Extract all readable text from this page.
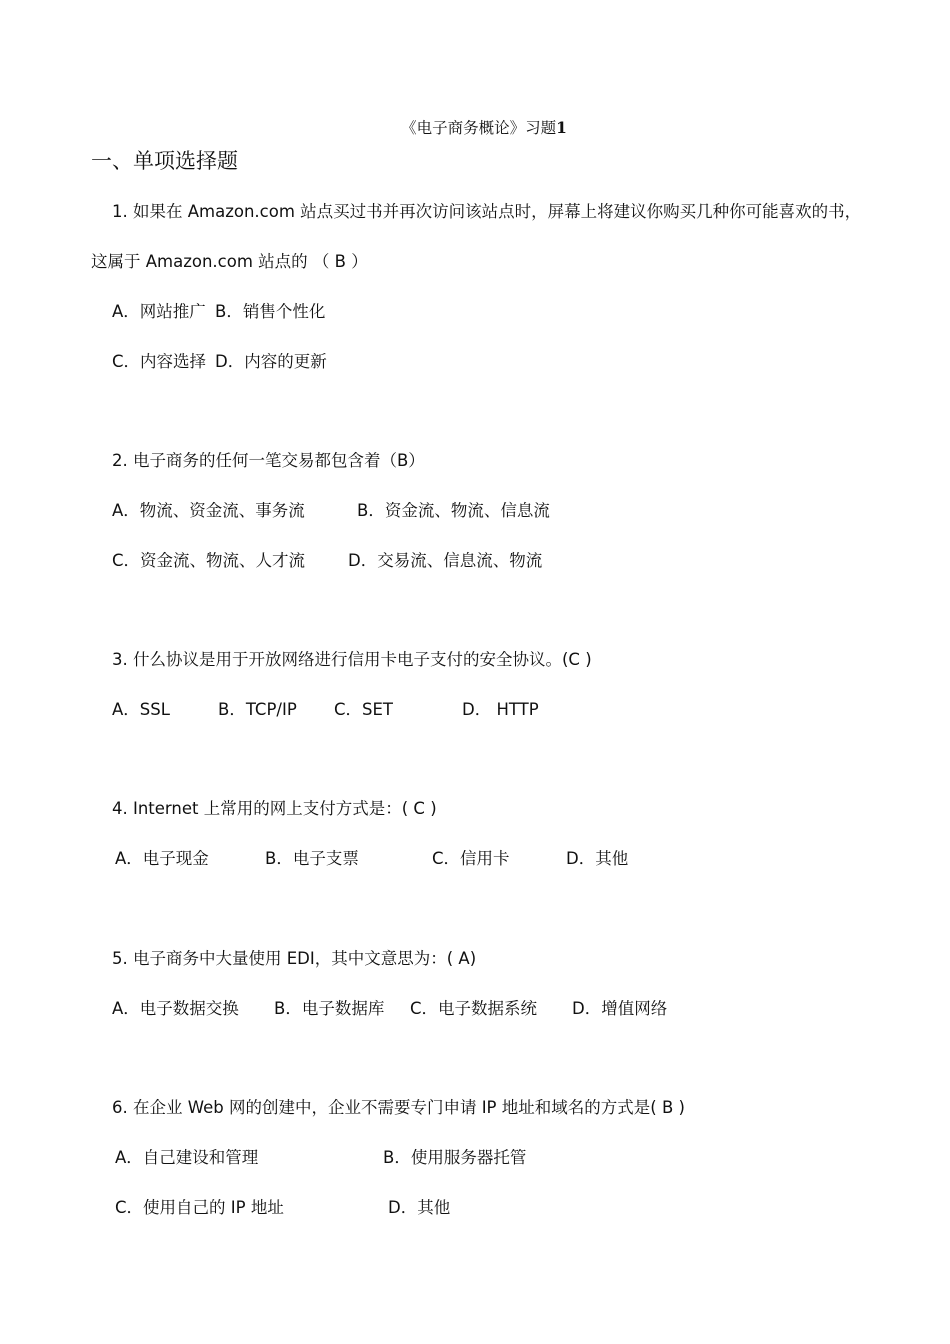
《电子商务概论》习题1
一、单项选择题
1. 如果在 Amazon.com 站点买过书并再次访问该站点时，屏幕上将建议你购买几种你可能喜欢的书，
这属于 Amazon.com 站点的 （ B ）
A．网站推广 B．销售个性化
C．内容选择 D．内容的更新
2. 电子商务的任何一笔交易都包含着（B）
A．物流、资金流、事务流	B．资金流、物流、信息流
C．资金流、物流、人才流	D．交易流、信息流、物流
3. 什么协议是用于开放网络进行信用卡电子支付的安全协议。(C )
A．SSL	B．TCP/IP C．SET	D． HTTP
4. Internet 上常用的网上支付方式是：( C )
A．电子现金	B．电子支票	C．信用卡	D．其他
5. 电子商务中大量使用 EDI，其中文意思为：( A)
A．电子数据交换 B．电子数据库 C．电子数据系统 D．增值网络
6. 在企业 Web 网的创建中，企业不需要专门申请 IP 地址和域名的方式是( B )
A．自己建设和管理	B．使用服务器托管
C．使用自己的 IP 地址	D．其他
